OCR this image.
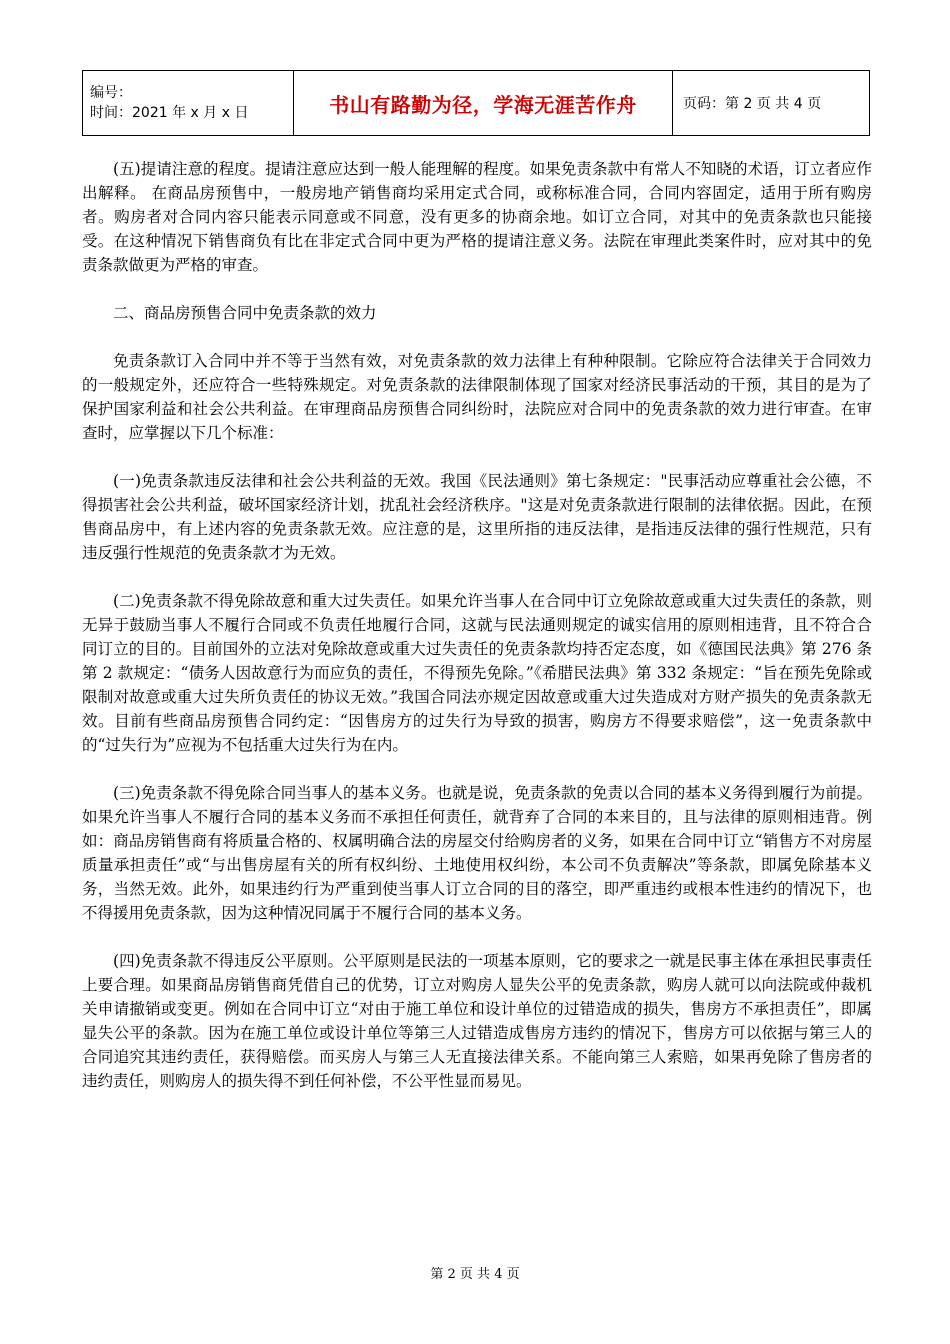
编号：
时间：2021 年 x 月 x 日	书山有路勤为径，学海无涯苦作舟	页码：第 2 页 共 4 页

(五)提请注意的程度。提请注意应达到一般人能理解的程度。如果免责条款中有常人不知晓的术语，订立者应作出解释。 在商品房预售中，一般房地产销售商均采用定式合同，或称标准合同，合同内容固定，适用于所有购房者。购房者对合同内容只能表示同意或不同意，没有更多的协商余地。如订立合同，对其中的免责条款也只能接受。在这种情况下销售商负有比在非定式合同中更为严格的提请注意义务。法院在审理此类案件时，应对其中的免责条款做更为严格的审查。

二、商品房预售合同中免责条款的效力

免责条款订入合同中并不等于当然有效，对免责条款的效力法律上有种种限制。它除应符合法律关于合同效力的一般规定外，还应符合一些特殊规定。对免责条款的法律限制体现了国家对经济民事活动的干预，其目的是为了保护国家利益和社会公共利益。在审理商品房预售合同纠纷时，法院应对合同中的免责条款的效力进行审查。在审查时，应掌握以下几个标准：

(一)免责条款违反法律和社会公共利益的无效。我国《民法通则》第七条规定："民事活动应尊重社会公德，不得损害社会公共利益，破坏国家经济计划，扰乱社会经济秩序。"这是对免责条款进行限制的法律依据。因此，在预售商品房中，有上述内容的免责条款无效。应注意的是，这里所指的违反法律，是指违反法律的强行性规范，只有违反强行性规范的免责条款才为无效。

(二)免责条款不得免除故意和重大过失责任。如果允许当事人在合同中订立免除故意或重大过失责任的条款，则无异于鼓励当事人不履行合同或不负责任地履行合同，这就与民法通则规定的诚实信用的原则相违背，且不符合合同订立的目的。目前国外的立法对免除故意或重大过失责任的免责条款均持否定态度，如《德国民法典》第 276 条第 2 款规定：“债务人因故意行为而应负的责任，不得预先免除。”《希腊民法典》第 332 条规定：“旨在预先免除或限制对故意或重大过失所负责任的协议无效。”我国合同法亦规定因故意或重大过失造成对方财产损失的免责条款无效。目前有些商品房预售合同约定：“因售房方的过失行为导致的损害，购房方不得要求赔偿”，这一免责条款中的“过失行为”应视为不包括重大过失行为在内。

(三)免责条款不得免除合同当事人的基本义务。也就是说，免责条款的免责以合同的基本义务得到履行为前提。如果允许当事人不履行合同的基本义务而不承担任何责任，就背弃了合同的本来目的，且与法律的原则相违背。例如：商品房销售商有将质量合格的、权属明确合法的房屋交付给购房者的义务，如果在合同中订立“销售方不对房屋质量承担责任”或“与出售房屋有关的所有权纠纷、土地使用权纠纷，本公司不负责解决”等条款，即属免除基本义务，当然无效。此外，如果违约行为严重到使当事人订立合同的目的落空，即严重违约或根本性违约的情况下，也不得援用免责条款，因为这种情况同属于不履行合同的基本义务。

(四)免责条款不得违反公平原则。公平原则是民法的一项基本原则，它的要求之一就是民事主体在承担民事责任上要合理。如果商品房销售商凭借自己的优势，订立对购房人显失公平的免责条款，购房人就可以向法院或仲裁机关申请撤销或变更。例如在合同中订立“对由于施工单位和设计单位的过错造成的损失，售房方不承担责任”，即属显失公平的条款。因为在施工单位或设计单位等第三人过错造成售房方违约的情况下，售房方可以依据与第三人的合同追究其违约责任，获得赔偿。而买房人与第三人无直接法律关系。不能向第三人索赔，如果再免除了售房者的违约责任，则购房人的损失得不到任何补偿，不公平性显而易见。

第 2 页 共 4 页
